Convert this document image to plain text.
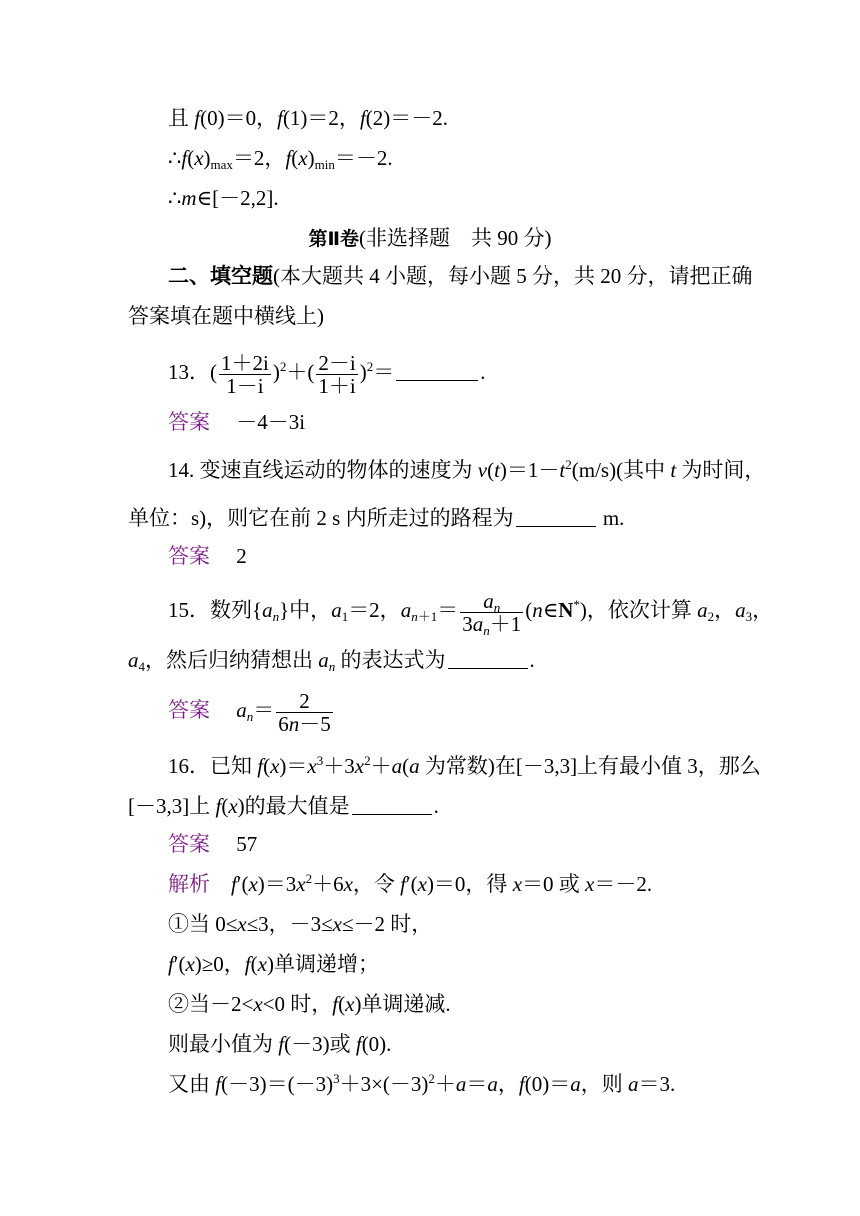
且 f(0)＝0，f(1)＝2，f(2)＝－2.
$\therefore f(x)_{max}=2$，$f(x)_{min}=-2$.
∴m∈[－2,2].
第Ⅱ卷(非选择题　共 90 分)
二、填空题(本大题共 4 小题，每小题 5 分，共 20 分，请把正确
答案填在题中横线上)
13．( $\frac{1+2i}{1-i} )^2+( \frac{2-i}{1+i} )^2=$	.
答案　 －4－3i
14. 变速直线运动的物体的速度为 $v(t)=1-t^2(m/s)$(其中 t 为时间，
单位：s)，则它在前 2 s 内所走过的路程为	m.
答案　 2
15．数列$\{a_n\}$中，$a_1=2$，$a_{n+1}= \frac{a_n}{3a_n+1}$ (n∈N*)，依次计算 $a_2$，$a_3$，
$a_4$，然后归纳猜想出 $a_n$ 的表达式为	.
答案　 $a_n= \frac{2}{6n-5}$
16．已知 $f(x)=x^3+3x^2+a(a$ 为常数)在[－3,3]上有最小值 3，那么
[－3,3]上 f(x)的最大值是	.
答案　 57
解析　 $f'(x)=3x^2+6x$，令 f′(x)＝0，得 x＝0 或 x＝－2.
①当 0≤x≤3，－3≤x≤－2 时，
f′(x)≥0，f(x)单调递增；
②当－2<x<0 时，f(x)单调递减.
则最小值为 f(－3)或 f(0).
又由 $f(-3)=(-3)^3+3\times(-3)^2+a=a$，f(0)＝a，则 a＝3.
